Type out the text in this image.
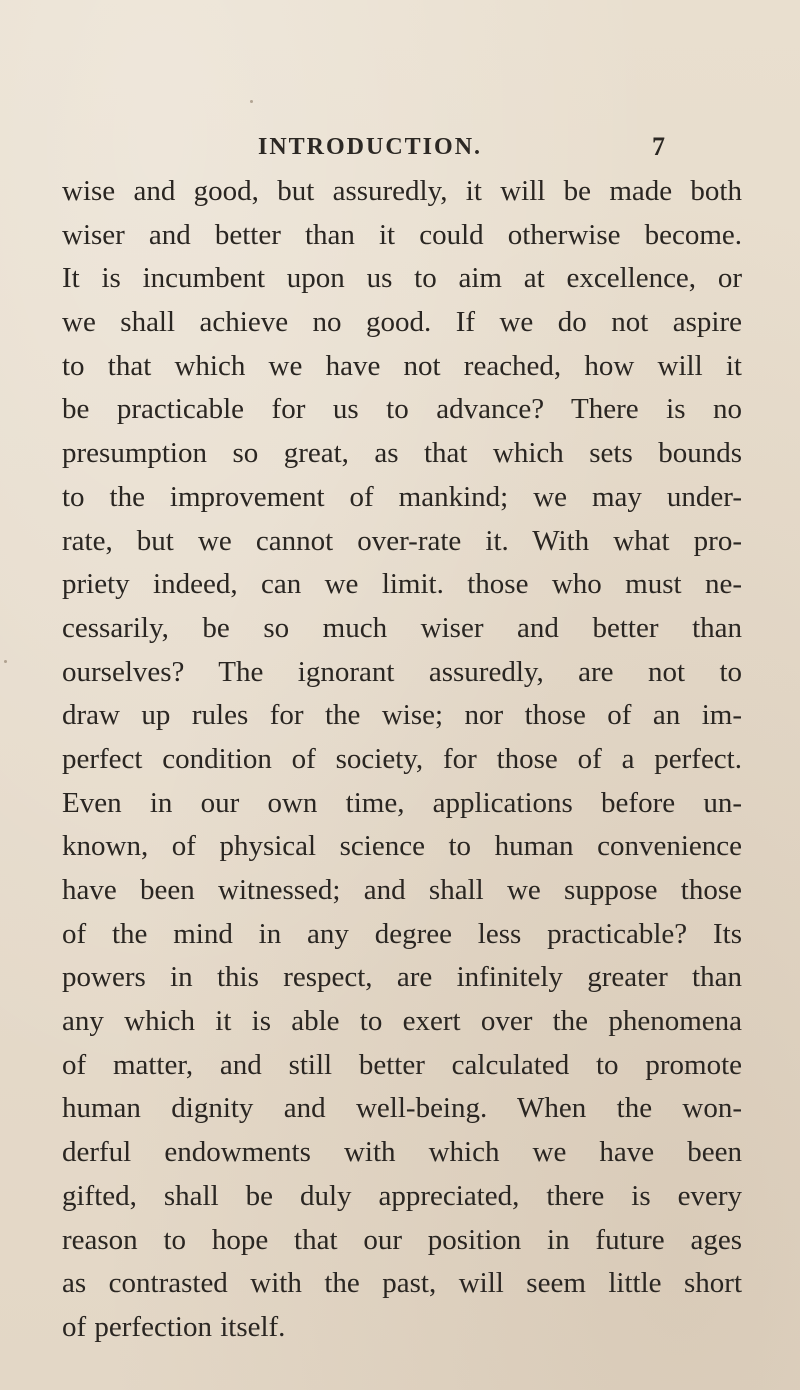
INTRODUCTION.	7
wise and good, but assuredly, it will be made both
wiser and better than it could otherwise become.
It is incumbent upon us to aim at excellence, or
we shall achieve no good. If we do not aspire
to that which we have not reached, how will it
be practicable for us to advance? There is no
presumption so great, as that which sets bounds
to the improvement of mankind; we may under-
rate, but we cannot over-rate it. With what pro-
priety indeed, can we limit. those who must ne-
cessarily, be so much wiser and better than
ourselves? The ignorant assuredly, are not to
draw up rules for the wise; nor those of an im-
perfect condition of society, for those of a perfect.
Even in our own time, applications before un-
known, of physical science to human convenience
have been witnessed; and shall we suppose those
of the mind in any degree less practicable? Its
powers in this respect, are infinitely greater than
any which it is able to exert over the phenomena
of matter, and still better calculated to promote
human dignity and well-being. When the won-
derful endowments with which we have been
gifted, shall be duly appreciated, there is every
reason to hope that our position in future ages
as contrasted with the past, will seem little short
of perfection itself.
